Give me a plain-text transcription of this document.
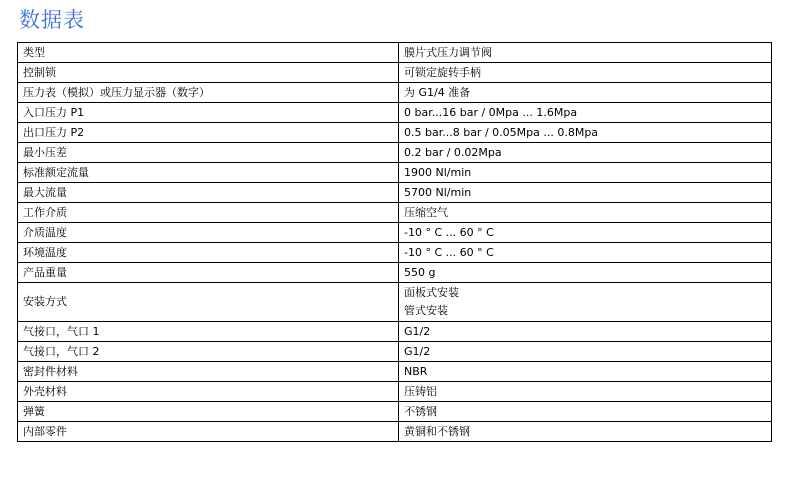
数据表
类型	膜片式压力调节阀
控制锁	可锁定旋转手柄
压力表（模拟）或压力显示器（数字）	为 G1/4 准备
入口压力 P1	0 bar...16 bar / 0Mpa ... 1.6Mpa
出口压力 P2	0.5 bar...8 bar / 0.05Mpa ... 0.8Mpa
最小压差	0.2 bar / 0.02Mpa
标准额定流量	1900 Nl/min
最大流量	5700 Nl/min
工作介质	压缩空气
介质温度	-10 ° C ... 60 ° C
环境温度	-10 ° C ... 60 ° C
产品重量	550 g
安装方式	面板式安装
管式安装

气接口，气口 1	G1/2
气接口，气口 2	G1/2
密封件材料	NBR
外壳材料	压铸铝
弹簧	不锈钢
内部零件	黄铜和不锈钢
